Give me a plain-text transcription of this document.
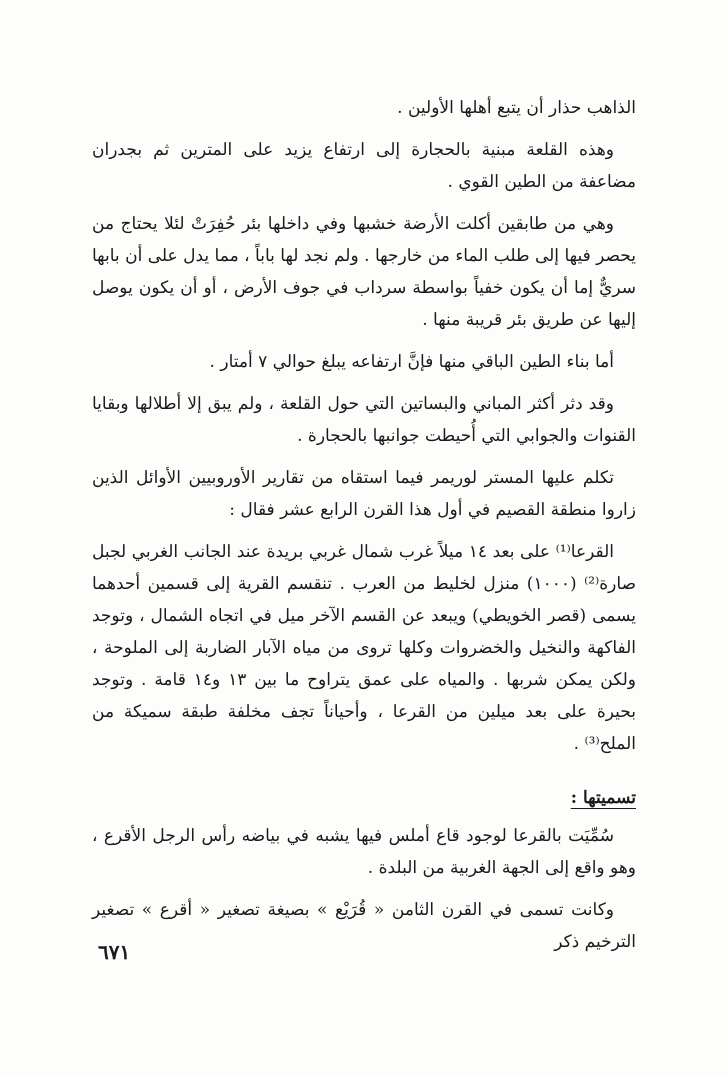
الذاهب حذار أن يتبع أهلها الأولين .

وهذه القلعة مبنية بالحجارة إلى ارتفاع يزيد على المترين ثم بجدران مضاعفة من الطين القوي .

وهي من طابقين أكلت الأرضة خشبها وفي داخلها بئر حُفِرَتْ لئلا يحتاج من يحصر فيها إلى طلب الماء من خارجها . ولم نجد لها باباً ، مما يدل على أن بابها سريٌّ إما أن يكون خفياً بواسطة سرداب في جوف الأرض ، أو أن يكون يوصل إليها عن طريق بئر قريبة منها .

أما بناء الطين الباقي منها فإنَّ ارتفاعه يبلغ حوالي ٧ أمتار .

وقد دثر أكثر المباني والبساتين التي حول القلعة ، ولم يبق إلا أطلالها وبقايا القنوات والجوابي التي أُحيطت جوانبها بالحجارة .

تكلم عليها المستر لوريمر فيما استقاه من تقارير الأوروبيين الأوائل الذين زاروا منطقة القصيم في أول هذا القرن الرابع عشر فقال :

القرعا⁽¹⁾ على بعد ١٤ ميلاً غرب شمال غربي بريدة عند الجانب الغربي لجبل صارة⁽²⁾ (١٠٠٠) منزل لخليط من العرب . تنقسم القرية إلى قسمين أحدهما يسمى (قصر الخويطي) ويبعد عن القسم الآخر ميل في اتجاه الشمال ، وتوجد الفاكهة والنخيل والخضروات وكلها تروى من مياه الآبار الضاربة إلى الملوحة ، ولكن يمكن شربها . والمياه على عمق يتراوح ما بين ١٣ و١٤ قامة . وتوجد بحيرة على بعد ميلين من القرعا ، وأحياناً تجف مخلفة طبقة سميكة من الملح⁽³⁾ .

تسميتها :

سُمِّيَت بالقرعا لوجود قاع أملس فيها يشبه في بياضه رأس الرجل الأقرع ، وهو واقع إلى الجهة الغربية من البلدة .

وكانت تسمى في القرن الثامن « قُرَيْع » بصيغة تصغير « أقرع » تصغير الترخيم ذكر

٦٧١
